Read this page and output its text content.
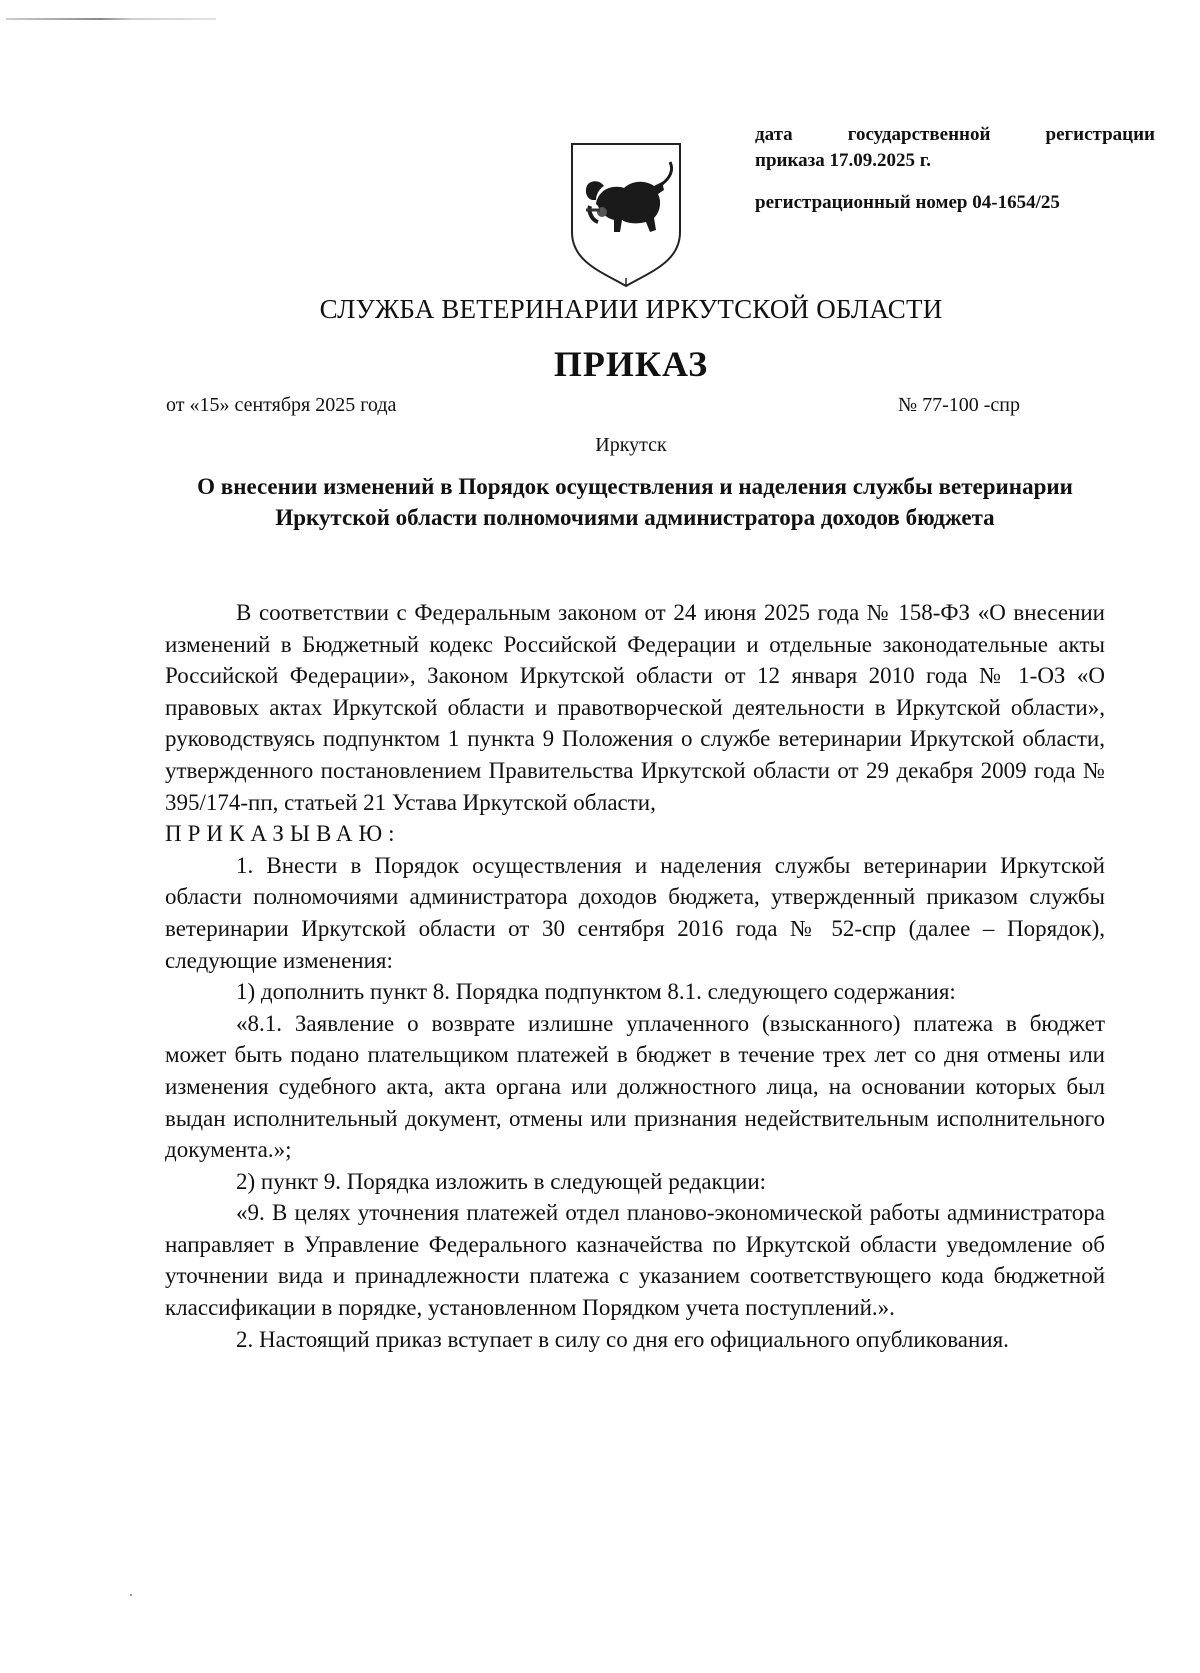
дата государственной регистрации
приказа 17.09.2025 г.
регистрационный номер 04-1654/25
СЛУЖБА ВЕТЕРИНАРИИ ИРКУТСКОЙ ОБЛАСТИ
ПРИКАЗ
от «15» сентября 2025 года	№ 77-100 -спр
Иркутск
О внесении изменений в Порядок осуществления и наделения службы ветеринарии Иркутской области полномочиями администратора доходов бюджета

В соответствии с Федеральным законом от 24 июня 2025 года № 158-ФЗ «О внесении изменений в Бюджетный кодекс Российской Федерации и отдельные законодательные акты Российской Федерации», Законом Иркутской области от 12 января 2010 года № 1-ОЗ «О правовых актах Иркутской области и правотворческой деятельности в Иркутской области», руководствуясь подпунктом 1 пункта 9 Положения о службе ветеринарии Иркутской области, утвержденного постановлением Правительства Иркутской области от 29 декабря 2009 года № 395/174-пп, статьей 21 Устава Иркутской области,

ПРИКАЗЫВАЮ:

1. Внести в Порядок осуществления и наделения службы ветеринарии Иркутской области полномочиями администратора доходов бюджета, утвержденный приказом службы ветеринарии Иркутской области от 30 сентября 2016 года № 52-спр (далее – Порядок), следующие изменения:

1) дополнить пункт 8. Порядка подпунктом 8.1. следующего содержания:

«8.1. Заявление о возврате излишне уплаченного (взысканного) платежа в бюджет может быть подано плательщиком платежей в бюджет в течение трех лет со дня отмены или изменения судебного акта, акта органа или должностного лица, на основании которых был выдан исполнительный документ, отмены или признания недействительным исполнительного документа.»;

2) пункт 9. Порядка изложить в следующей редакции:

«9. В целях уточнения платежей отдел планово-экономической работы администратора направляет в Управление Федерального казначейства по Иркутской области уведомление об уточнении вида и принадлежности платежа с указанием соответствующего кода бюджетной классификации в порядке, установленном Порядком учета поступлений.».

2. Настоящий приказ вступает в силу со дня его официального опубликования.
